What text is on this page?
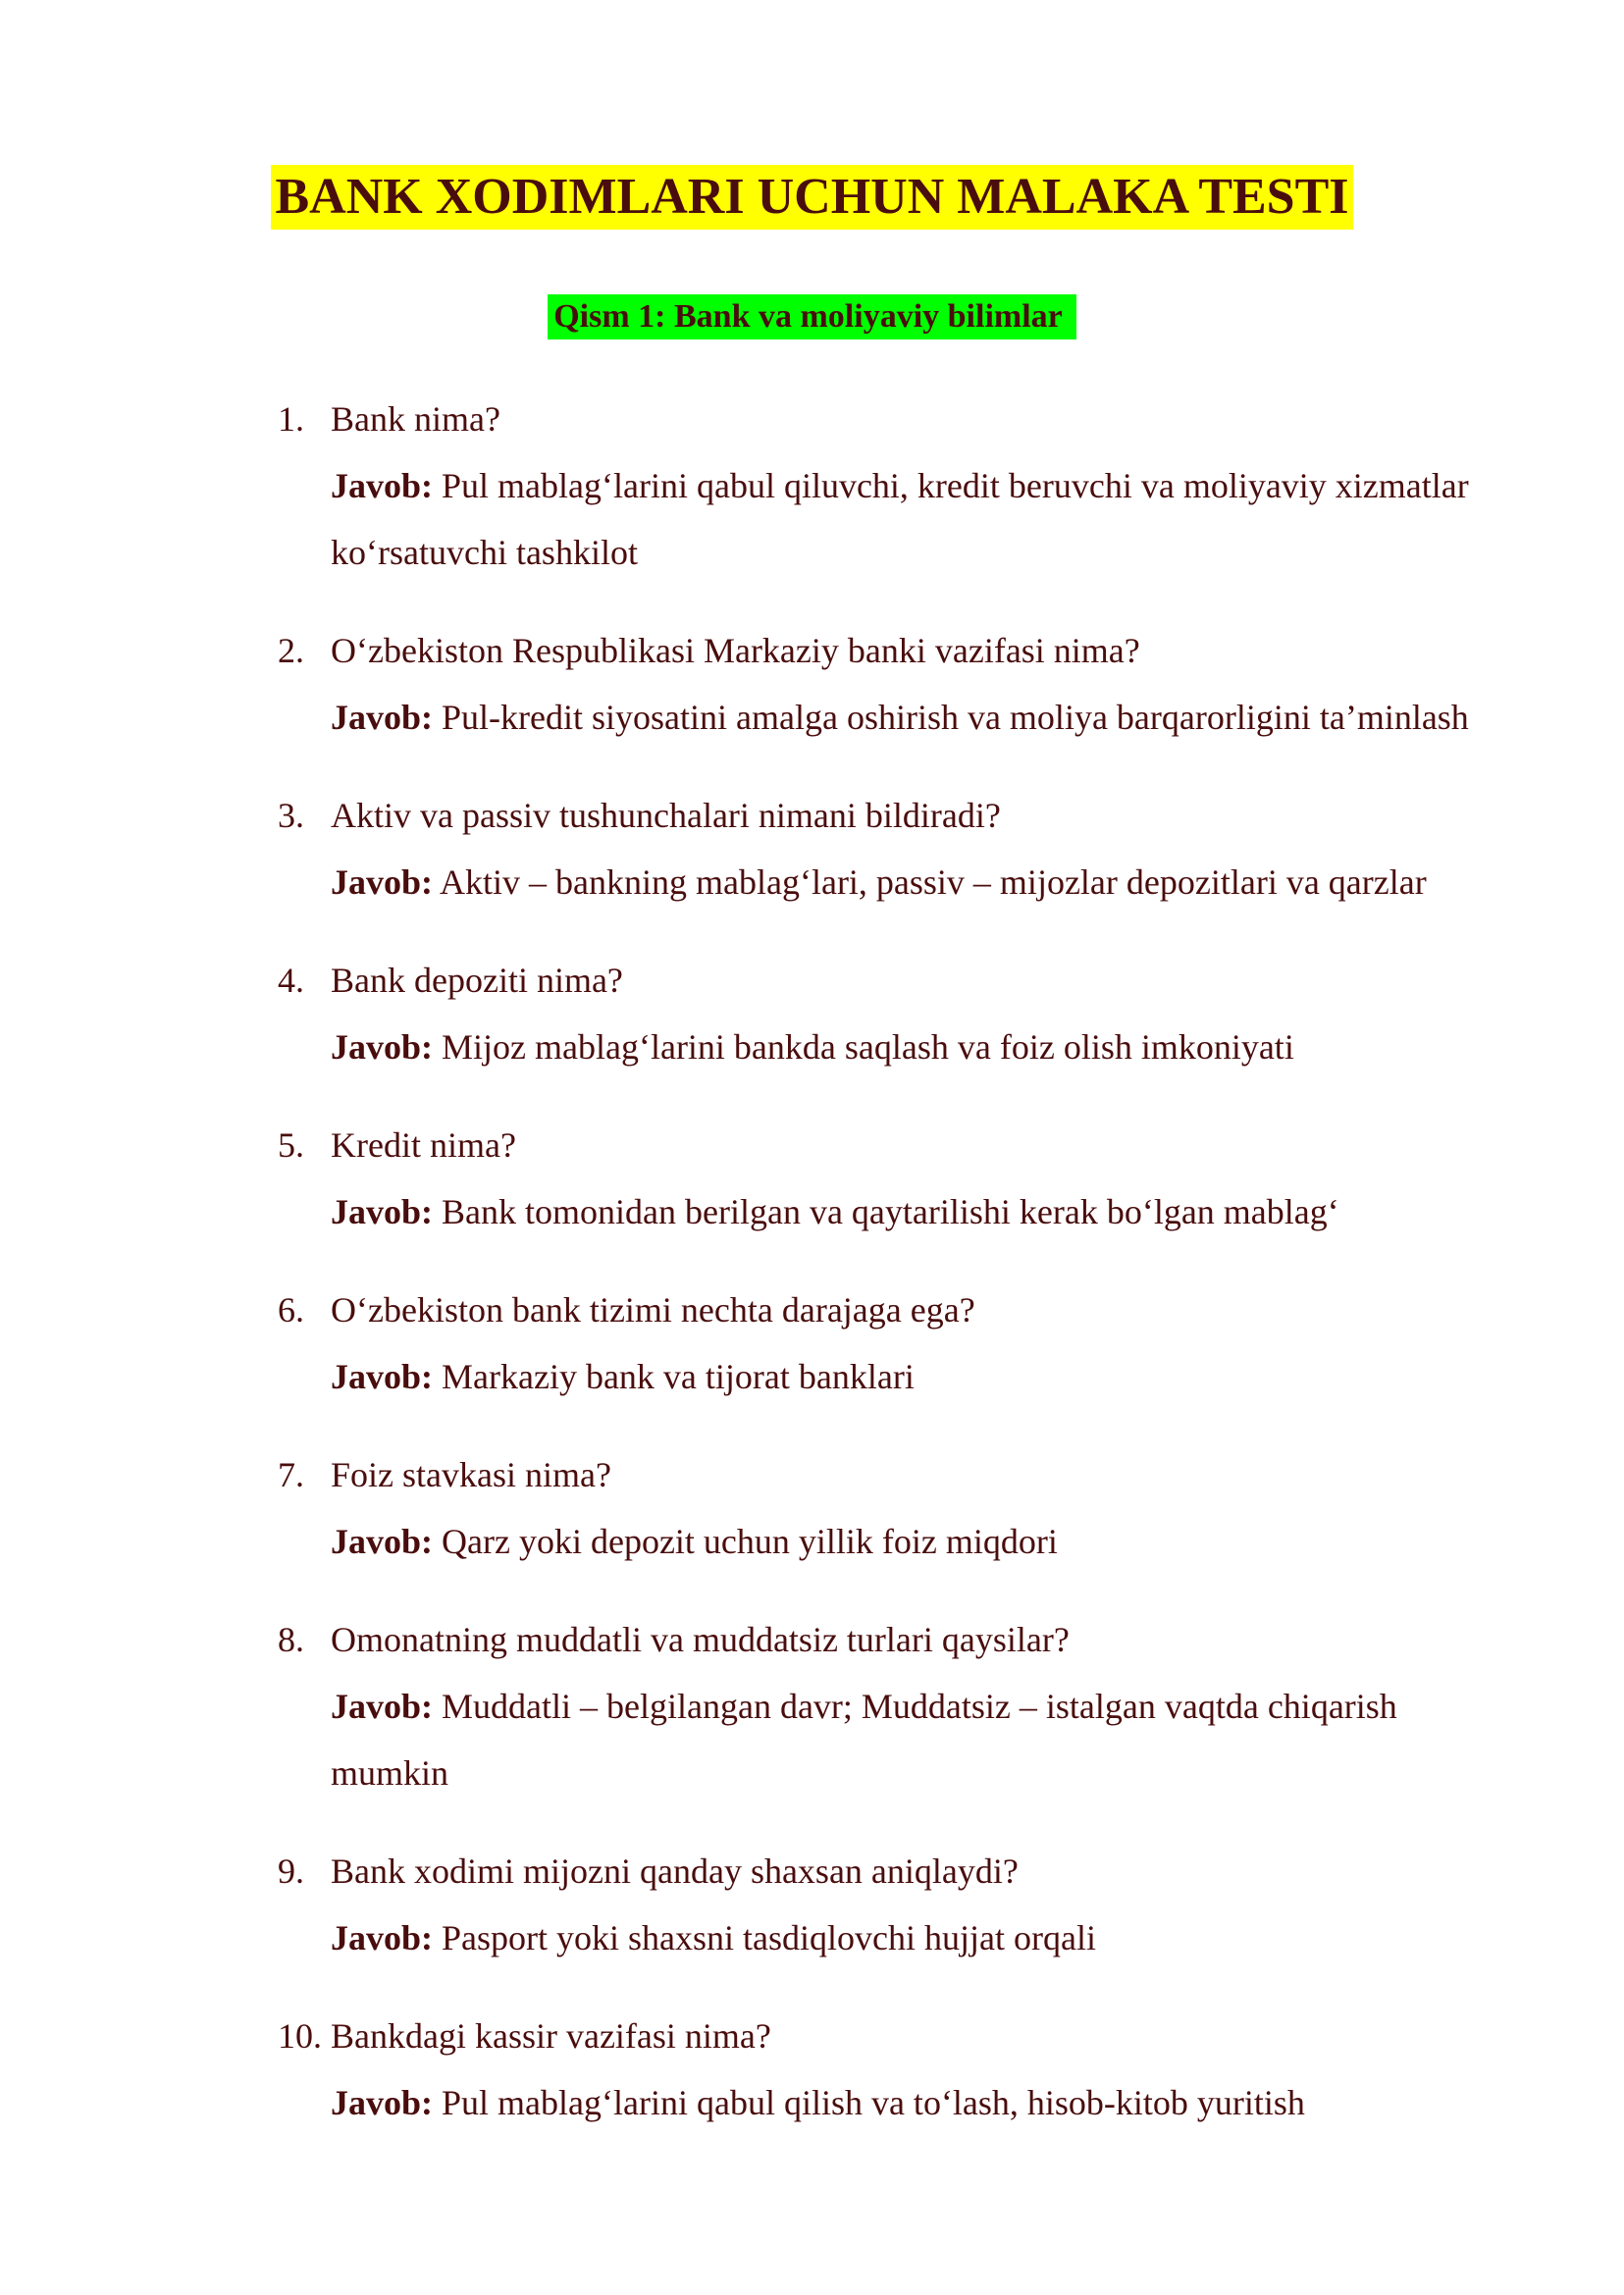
BANK XODIMLARI UCHUN MALAKA TESTI
Qism 1: Bank va moliyaviy bilimlar
1. Bank nima?
Javob: Pul mablag‘larini qabul qiluvchi, kredit beruvchi va moliyaviy xizmatlar ko‘rsatuvchi tashkilot
2. O‘zbekiston Respublikasi Markaziy banki vazifasi nima?
Javob: Pul-kredit siyosatini amalga oshirish va moliya barqarorligini ta’minlash
3. Aktiv va passiv tushunchalari nimani bildiradi?
Javob: Aktiv – bankning mablag‘lari, passiv – mijozlar depozitlari va qarzlar
4. Bank depoziti nima?
Javob: Mijoz mablag‘larini bankda saqlash va foiz olish imkoniyati
5. Kredit nima?
Javob: Bank tomonidan berilgan va qaytarilishi kerak bo‘lgan mablag‘
6. O‘zbekiston bank tizimi nechta darajaga ega?
Javob: Markaziy bank va tijorat banklari
7. Foiz stavkasi nima?
Javob: Qarz yoki depozit uchun yillik foiz miqdori
8. Omonatning muddatli va muddatsiz turlari qaysilar?
Javob: Muddatli – belgilangan davr; Muddatsiz – istalgan vaqtda chiqarish mumkin
9. Bank xodimi mijozni qanday shaxsan aniqlaydi?
Javob: Pasport yoki shaxsni tasdiqlovchi hujjat orqali
10. Bankdagi kassir vazifasi nima?
Javob: Pul mablag‘larini qabul qilish va to‘lash, hisob-kitob yuritish
